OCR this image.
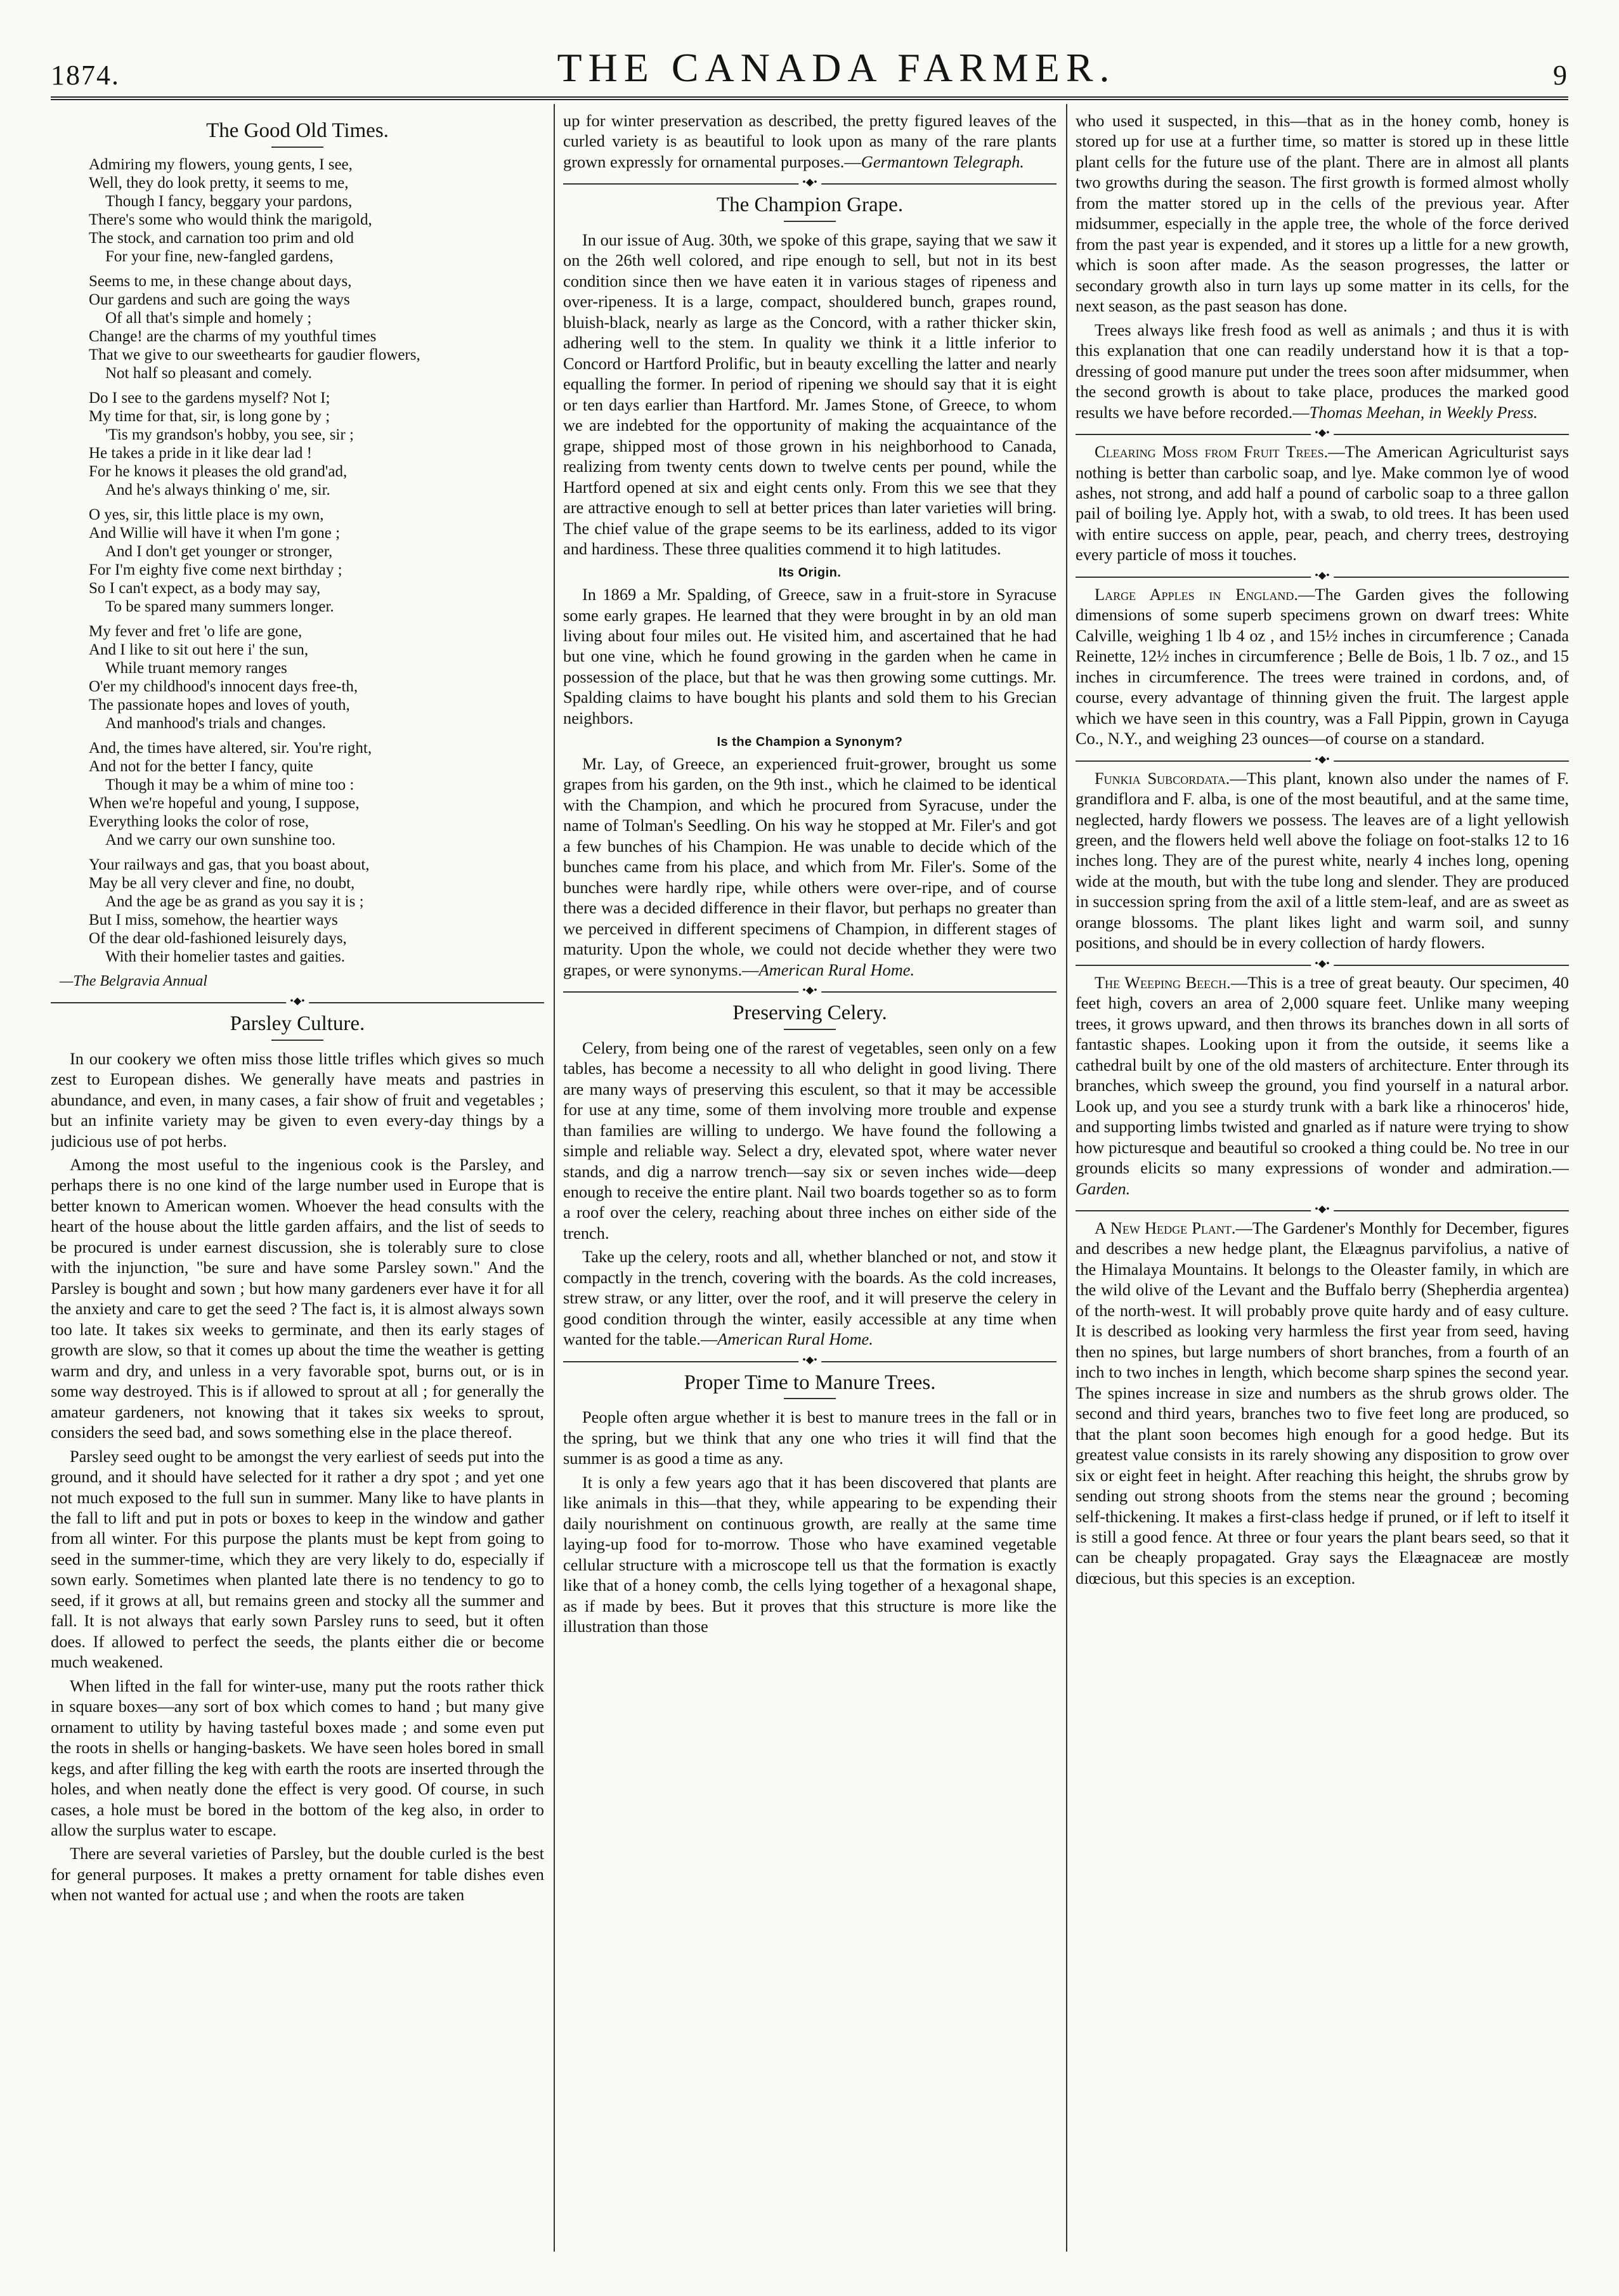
1874.	THE CANADA FARMER.	9
The Good Old Times.
Admiring my flowers, young gents, I see,
Well, they do look pretty, it seems to me,
Though I fancy, beggary your pardons,
There's some who would think the marigold,
The stock, and carnation too prim and old
For your fine, new-fangled gardens,
Seems to me, in these change about days,
Our gardens and such are going the ways
Of all that's simple and homely ;
Change! are the charms of my youthful times
That we give to our sweethearts for gaudier flowers,
Not half so pleasant and comely.
Do I see to the gardens myself? Not I;
My time for that, sir, is long gone by ;
'Tis my grandson's hobby, you see, sir ;
He takes a pride in it like dear lad !
For he knows it pleases the old grand'ad,
And he's always thinking o' me, sir.
O yes, sir, this little place is my own,
And Willie will have it when I'm gone ;
And I don't get younger or stronger,
For I'm eighty five come next birthday ;
So I can't expect, as a body may say,
To be spared many summers longer.
My fever and fret 'o life are gone,
And I like to sit out here i' the sun,
While truant memory ranges
O'er my childhood's innocent days free-th,
The passionate hopes and loves of youth,
And manhood's trials and changes.
And, the times have altered, sir. You're right,
And not for the better I fancy, quite
Though it may be a whim of mine too :
When we're hopeful and young, I suppose,
Everything looks the color of rose,
And we carry our own sunshine too.
Your railways and gas, that you boast about,
May be all very clever and fine, no doubt,
And the age be as grand as you say it is ;
But I miss, somehow, the heartier ways
Of the dear old-fashioned leisurely days,
With their homelier tastes and gaities.
—The Belgravia Annual
•◆•
Parsley Culture.

In our cookery we often miss those little trifles which gives so much zest to European dishes. We generally have meats and pastries in abundance, and even, in many cases, a fair show of fruit and vegetables ; but an infinite variety may be given to even every-day things by a judicious use of pot herbs.

Among the most useful to the ingenious cook is the Parsley, and perhaps there is no one kind of the large number used in Europe that is better known to American women. Whoever the head consults with the heart of the house about the little garden affairs, and the list of seeds to be procured is under earnest discussion, she is tolerably sure to close with the injunction, "be sure and have some Parsley sown." And the Parsley is bought and sown ; but how many gardeners ever have it for all the anxiety and care to get the seed ? The fact is, it is almost always sown too late. It takes six weeks to germinate, and then its early stages of growth are slow, so that it comes up about the time the weather is getting warm and dry, and unless in a very favorable spot, burns out, or is in some way destroyed. This is if allowed to sprout at all ; for generally the amateur gardeners, not knowing that it takes six weeks to sprout, considers the seed bad, and sows something else in the place thereof.

Parsley seed ought to be amongst the very earliest of seeds put into the ground, and it should have selected for it rather a dry spot ; and yet one not much exposed to the full sun in summer. Many like to have plants in the fall to lift and put in pots or boxes to keep in the window and gather from all winter. For this purpose the plants must be kept from going to seed in the summer-time, which they are very likely to do, especially if sown early. Sometimes when planted late there is no tendency to go to seed, if it grows at all, but remains green and stocky all the summer and fall. It is not always that early sown Parsley runs to seed, but it often does. If allowed to perfect the seeds, the plants either die or become much weakened.

When lifted in the fall for winter-use, many put the roots rather thick in square boxes—any sort of box which comes to hand ; but many give ornament to utility by having tasteful boxes made ; and some even put the roots in shells or hanging-baskets. We have seen holes bored in small kegs, and after filling the keg with earth the roots are inserted through the holes, and when neatly done the effect is very good. Of course, in such cases, a hole must be bored in the bottom of the keg also, in order to allow the surplus water to escape.

There are several varieties of Parsley, but the double curled is the best for general purposes. It makes a pretty ornament for table dishes even when not wanted for actual use ; and when the roots are taken

up for winter preservation as described, the pretty figured leaves of the curled variety is as beautiful to look upon as many of the rare plants grown expressly for ornamental purposes.—Germantown Telegraph.

•◆•
The Champion Grape.

In our issue of Aug. 30th, we spoke of this grape, saying that we saw it on the 26th well colored, and ripe enough to sell, but not in its best condition since then we have eaten it in various stages of ripeness and over-ripeness. It is a large, compact, shouldered bunch, grapes round, bluish-black, nearly as large as the Concord, with a rather thicker skin, adhering well to the stem. In quality we think it a little inferior to Concord or Hartford Prolific, but in beauty excelling the latter and nearly equalling the former. In period of ripening we should say that it is eight or ten days earlier than Hartford. Mr. James Stone, of Greece, to whom we are indebted for the opportunity of making the acquaintance of the grape, shipped most of those grown in his neighborhood to Canada, realizing from twenty cents down to twelve cents per pound, while the Hartford opened at six and eight cents only. From this we see that they are attractive enough to sell at better prices than later varieties will bring. The chief value of the grape seems to be its earliness, added to its vigor and hardiness. These three qualities commend it to high latitudes.

Its Origin.

In 1869 a Mr. Spalding, of Greece, saw in a fruit-store in Syracuse some early grapes. He learned that they were brought in by an old man living about four miles out. He visited him, and ascertained that he had but one vine, which he found growing in the garden when he came in possession of the place, but that he was then growing some cuttings. Mr. Spalding claims to have bought his plants and sold them to his Grecian neighbors.

Is the Champion a Synonym?

Mr. Lay, of Greece, an experienced fruit-grower, brought us some grapes from his garden, on the 9th inst., which he claimed to be identical with the Champion, and which he procured from Syracuse, under the name of Tolman's Seedling. On his way he stopped at Mr. Filer's and got a few bunches of his Champion. He was unable to decide which of the bunches came from his place, and which from Mr. Filer's. Some of the bunches were hardly ripe, while others were over-ripe, and of course there was a decided difference in their flavor, but perhaps no greater than we perceived in different specimens of Champion, in different stages of maturity. Upon the whole, we could not decide whether they were two grapes, or were synonyms.—American Rural Home.

•◆•
Preserving Celery.

Celery, from being one of the rarest of vegetables, seen only on a few tables, has become a necessity to all who delight in good living. There are many ways of preserving this esculent, so that it may be accessible for use at any time, some of them involving more trouble and expense than families are willing to undergo. We have found the following a simple and reliable way. Select a dry, elevated spot, where water never stands, and dig a narrow trench—say six or seven inches wide—deep enough to receive the entire plant. Nail two boards together so as to form a roof over the celery, reaching about three inches on either side of the trench.

Take up the celery, roots and all, whether blanched or not, and stow it compactly in the trench, covering with the boards. As the cold increases, strew straw, or any litter, over the roof, and it will preserve the celery in good condition through the winter, easily accessible at any time when wanted for the table.—American Rural Home.

•◆•
Proper Time to Manure Trees.

People often argue whether it is best to manure trees in the fall or in the spring, but we think that any one who tries it will find that the summer is as good a time as any.

It is only a few years ago that it has been discovered that plants are like animals in this—that they, while appearing to be expending their daily nourishment on continuous growth, are really at the same time laying-up food for to-morrow. Those who have examined vegetable cellular structure with a microscope tell us that the formation is exactly like that of a honey comb, the cells lying together of a hexagonal shape, as if made by bees. But it proves that this structure is more like the illustration than those

who used it suspected, in this—that as in the honey comb, honey is stored up for use at a further time, so matter is stored up in these little plant cells for the future use of the plant. There are in almost all plants two growths during the season. The first growth is formed almost wholly from the matter stored up in the cells of the previous year. After midsummer, especially in the apple tree, the whole of the force derived from the past year is expended, and it stores up a little for a new growth, which is soon after made. As the season progresses, the latter or secondary growth also in turn lays up some matter in its cells, for the next season, as the past season has done.

Trees always like fresh food as well as animals ; and thus it is with this explanation that one can readily understand how it is that a top-dressing of good manure put under the trees soon after midsummer, when the second growth is about to take place, produces the marked good results we have before recorded.—Thomas Meehan, in Weekly Press.

•◆•

Clearing Moss from Fruit Trees.—The American Agriculturist says nothing is better than carbolic soap, and lye. Make common lye of wood ashes, not strong, and add half a pound of carbolic soap to a three gallon pail of boiling lye. Apply hot, with a swab, to old trees. It has been used with entire success on apple, pear, peach, and cherry trees, destroying every particle of moss it touches.

•◆•

Large Apples in England.—The Garden gives the following dimensions of some superb specimens grown on dwarf trees: White Calville, weighing 1 lb 4 oz , and 15½ inches in circumference ; Canada Reinette, 12½ inches in circumference ; Belle de Bois, 1 lb. 7 oz., and 15 inches in circumference. The trees were trained in cordons, and, of course, every advantage of thinning given the fruit. The largest apple which we have seen in this country, was a Fall Pippin, grown in Cayuga Co., N.Y., and weighing 23 ounces—of course on a standard.

•◆•

Funkia Subcordata.—This plant, known also under the names of F. grandiflora and F. alba, is one of the most beautiful, and at the same time, neglected, hardy flowers we possess. The leaves are of a light yellowish green, and the flowers held well above the foliage on foot-stalks 12 to 16 inches long. They are of the purest white, nearly 4 inches long, opening wide at the mouth, but with the tube long and slender. They are produced in succession spring from the axil of a little stem-leaf, and are as sweet as orange blossoms. The plant likes light and warm soil, and sunny positions, and should be in every collection of hardy flowers.

•◆•

The Weeping Beech.—This is a tree of great beauty. Our specimen, 40 feet high, covers an area of 2,000 square feet. Unlike many weeping trees, it grows upward, and then throws its branches down in all sorts of fantastic shapes. Looking upon it from the outside, it seems like a cathedral built by one of the old masters of architecture. Enter through its branches, which sweep the ground, you find yourself in a natural arbor. Look up, and you see a sturdy trunk with a bark like a rhinoceros' hide, and supporting limbs twisted and gnarled as if nature were trying to show how picturesque and beautiful so crooked a thing could be. No tree in our grounds elicits so many expressions of wonder and admiration.—Garden.

•◆•

A New Hedge Plant.—The Gardener's Monthly for December, figures and describes a new hedge plant, the Elæagnus parvifolius, a native of the Himalaya Mountains. It belongs to the Oleaster family, in which are the wild olive of the Levant and the Buffalo berry (Shepherdia argentea) of the north-west. It will probably prove quite hardy and of easy culture. It is described as looking very harmless the first year from seed, having then no spines, but large numbers of short branches, from a fourth of an inch to two inches in length, which become sharp spines the second year. The spines increase in size and numbers as the shrub grows older. The second and third years, branches two to five feet long are produced, so that the plant soon becomes high enough for a good hedge. But its greatest value consists in its rarely showing any disposition to grow over six or eight feet in height. After reaching this height, the shrubs grow by sending out strong shoots from the stems near the ground ; becoming self-thickening. It makes a first-class hedge if pruned, or if left to itself it is still a good fence. At three or four years the plant bears seed, so that it can be cheaply propagated. Gray says the Elæagnaceæ are mostly diœcious, but this species is an exception.
